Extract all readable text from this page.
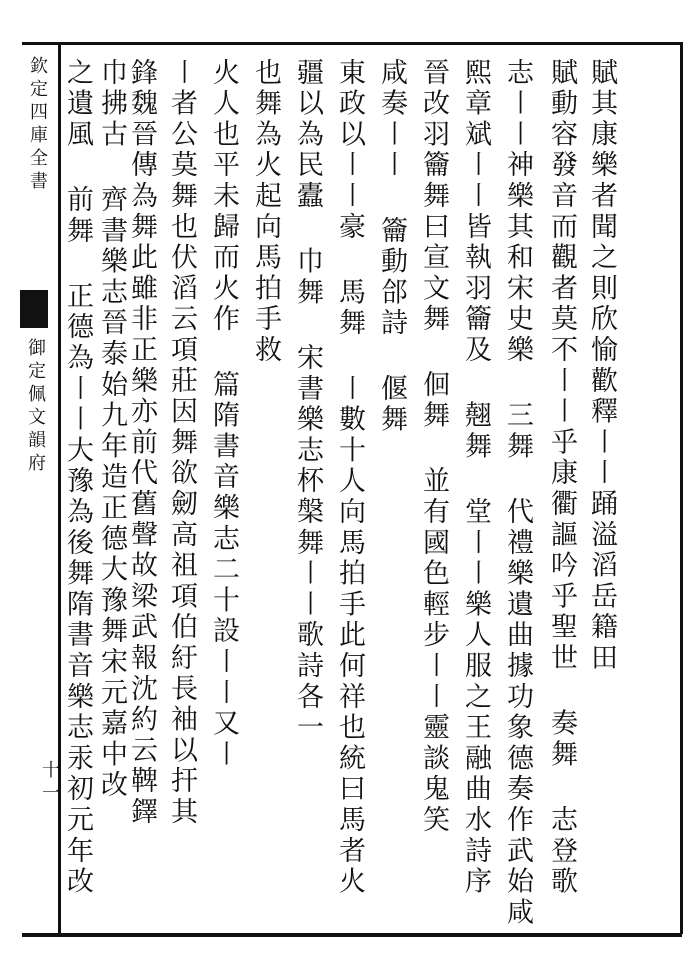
欽定四庫全書
御定佩文韻府
十一
賦其康樂者聞之則欣愉歡釋〡〡踊溢滔岳籍田
賦動容發音而觀者莫不〡〡乎康衢謳吟乎聖世 奏舞 志登歌
志〡〡神樂其和宋史樂 三舞 代禮樂遺曲據功象德奏作武始咸
熙章斌〡〡皆執羽籥及 翹舞 堂〡〡樂人服之王融曲水詩序
晉改羽籥舞曰宣文舞 佪舞 並有國色輕步〡〡靈談鬼笑
咸奏〡〡 籥動郃詩 偃舞
東政以〡〡豪 馬舞 〡數十人向馬拍手此何祥也統曰馬者火
疆以為民蠹 巾舞 宋書樂志杯槃舞〡〡歌詩各一
也舞為火起向馬拍手救
火人也平未歸而火作 篇隋書音樂志二十設〡〡又〡
〡者公莫舞也伏滔云項莊因舞欲劒高祖項伯紆長袖以扞其
鋒魏晉傳為舞此雖非正樂亦前代舊聲故梁武報沈約云鞞鐸
巾拂古 齊書樂志晉泰始九年造正德大豫舞宋元嘉中改
之遺風 前舞 正德為〡〡大豫為後舞隋書音樂志汞初元年改
